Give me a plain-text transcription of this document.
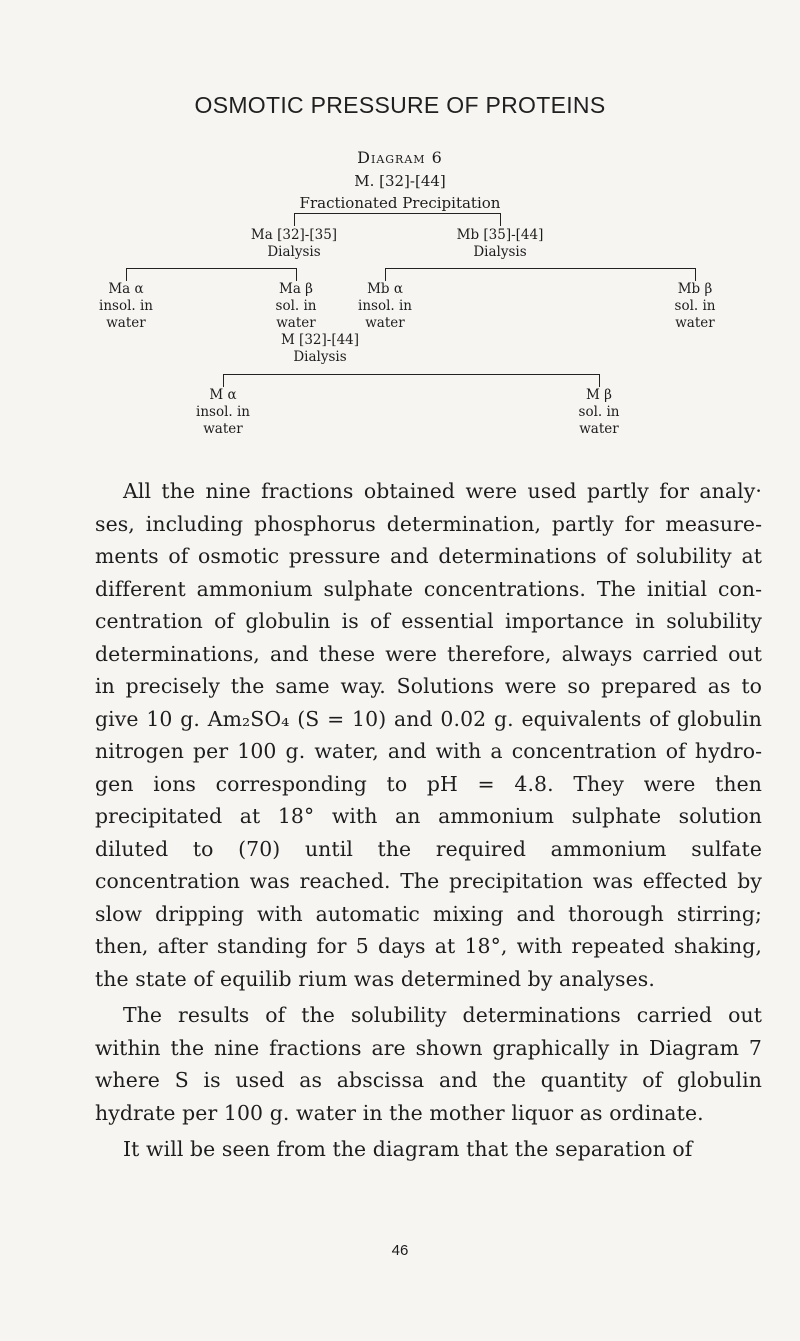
OSMOTIC PRESSURE OF PROTEINS
Diagram 6
M. [32]-[44]
Fractionated Precipitation
Ma [32]-[35]
Dialysis
Mb [35]-[44]
Dialysis
Ma α
insol. in
water
Ma β
sol. in
water
Mb α
insol. in
water
Mb β
sol. in
water
M [32]-[44]
Dialysis
M α
insol. in
water
M β
sol. in
water

All the nine fractions obtained were used partly for analy· ses, including phosphorus determination, partly for measure ments of osmotic pressure and determinations of solubility at different ammonium sulphate concentrations. The initial con centration of globulin is of essential importance in solubility determinations, and these were therefore, always carried out in precisely the same way. Solutions were so prepared as to give 10 g. Am₂SO₄ (S = 10) and 0.02 g. equivalents of globulin nitrogen per 100 g. water, and with a concentration of hydro gen ions corresponding to pH = 4.8. They were then precipitated at 18° with an ammonium sulphate solution diluted to (70) until the required ammonium sulfate concentration was reached. The precipitation was effected by slow dripping with automatic mixing and thorough stirring; then, after standing for 5 days at 18°, with repeated shaking, the state of equilib rium was determined by analyses.

The results of the solubility determinations carried out within the nine fractions are shown graphically in Diagram 7 where S is used as abscissa and the quantity of globulin hydrate per 100 g. water in the mother liquor as ordinate.

It will be seen from the diagram that the separation of

46
